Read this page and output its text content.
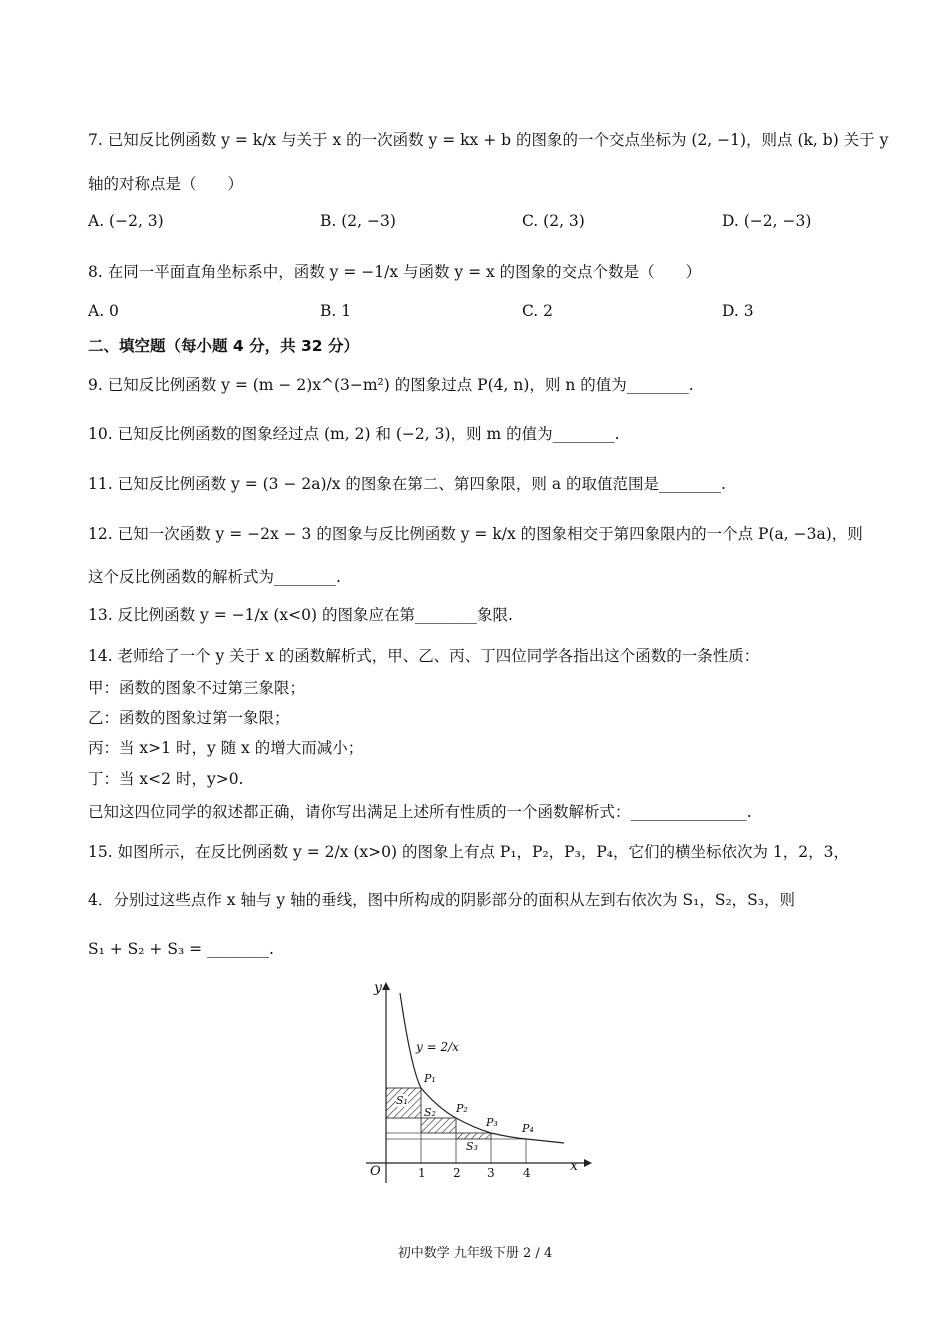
7. 已知反比例函数 y = k/x 与关于 x 的一次函数 y = kx + b 的图象的一个交点坐标为 (2, −1)，则点 (k, b) 关于 y
轴的对称点是（　　）
A. (−2, 3)	B. (2, −3)	C. (2, 3)	D. (−2, −3)
8. 在同一平面直角坐标系中，函数 y = −1/x 与函数 y = x 的图象的交点个数是（　　）
A. 0	B. 1	C. 2	D. 3
二、填空题（每小题 4 分，共 32 分）
9. 已知反比例函数 y = (m − 2)x^(3−m²) 的图象过点 P(4, n)，则 n 的值为________.
10. 已知反比例函数的图象经过点 (m, 2) 和 (−2, 3)，则 m 的值为________.
11. 已知反比例函数 y = (3 − 2a)/x 的图象在第二、第四象限，则 a 的取值范围是________.
12. 已知一次函数 y = −2x − 3 的图象与反比例函数 y = k/x 的图象相交于第四象限内的一个点 P(a, −3a)，则
这个反比例函数的解析式为________.
13. 反比例函数 y = −1/x (x<0) 的图象应在第________象限.
14. 老师给了一个 y 关于 x 的函数解析式，甲、乙、丙、丁四位同学各指出这个函数的一条性质：
甲：函数的图象不过第三象限；
乙：函数的图象过第一象限；
丙：当 x>1 时，y 随 x 的增大而减小；
丁：当 x<2 时，y>0.
已知这四位同学的叙述都正确，请你写出满足上述所有性质的一个函数解析式：_______________.
15. 如图所示，在反比例函数 y = 2/x (x>0) 的图象上有点 P₁，P₂，P₃，P₄，它们的横坐标依次为 1，2，3，
4．分别过这些点作 x 轴与 y 轴的垂线，图中所构成的阴影部分的面积从左到右依次为 S₁，S₂，S₃，则
S₁ + S₂ + S₃ = ________.
y
x
O
y = 2/x
1 2 3 4
P₁
P₂
P₃ P₄
S₁
S₂
S₃
初中数学 九年级下册 2 / 4
